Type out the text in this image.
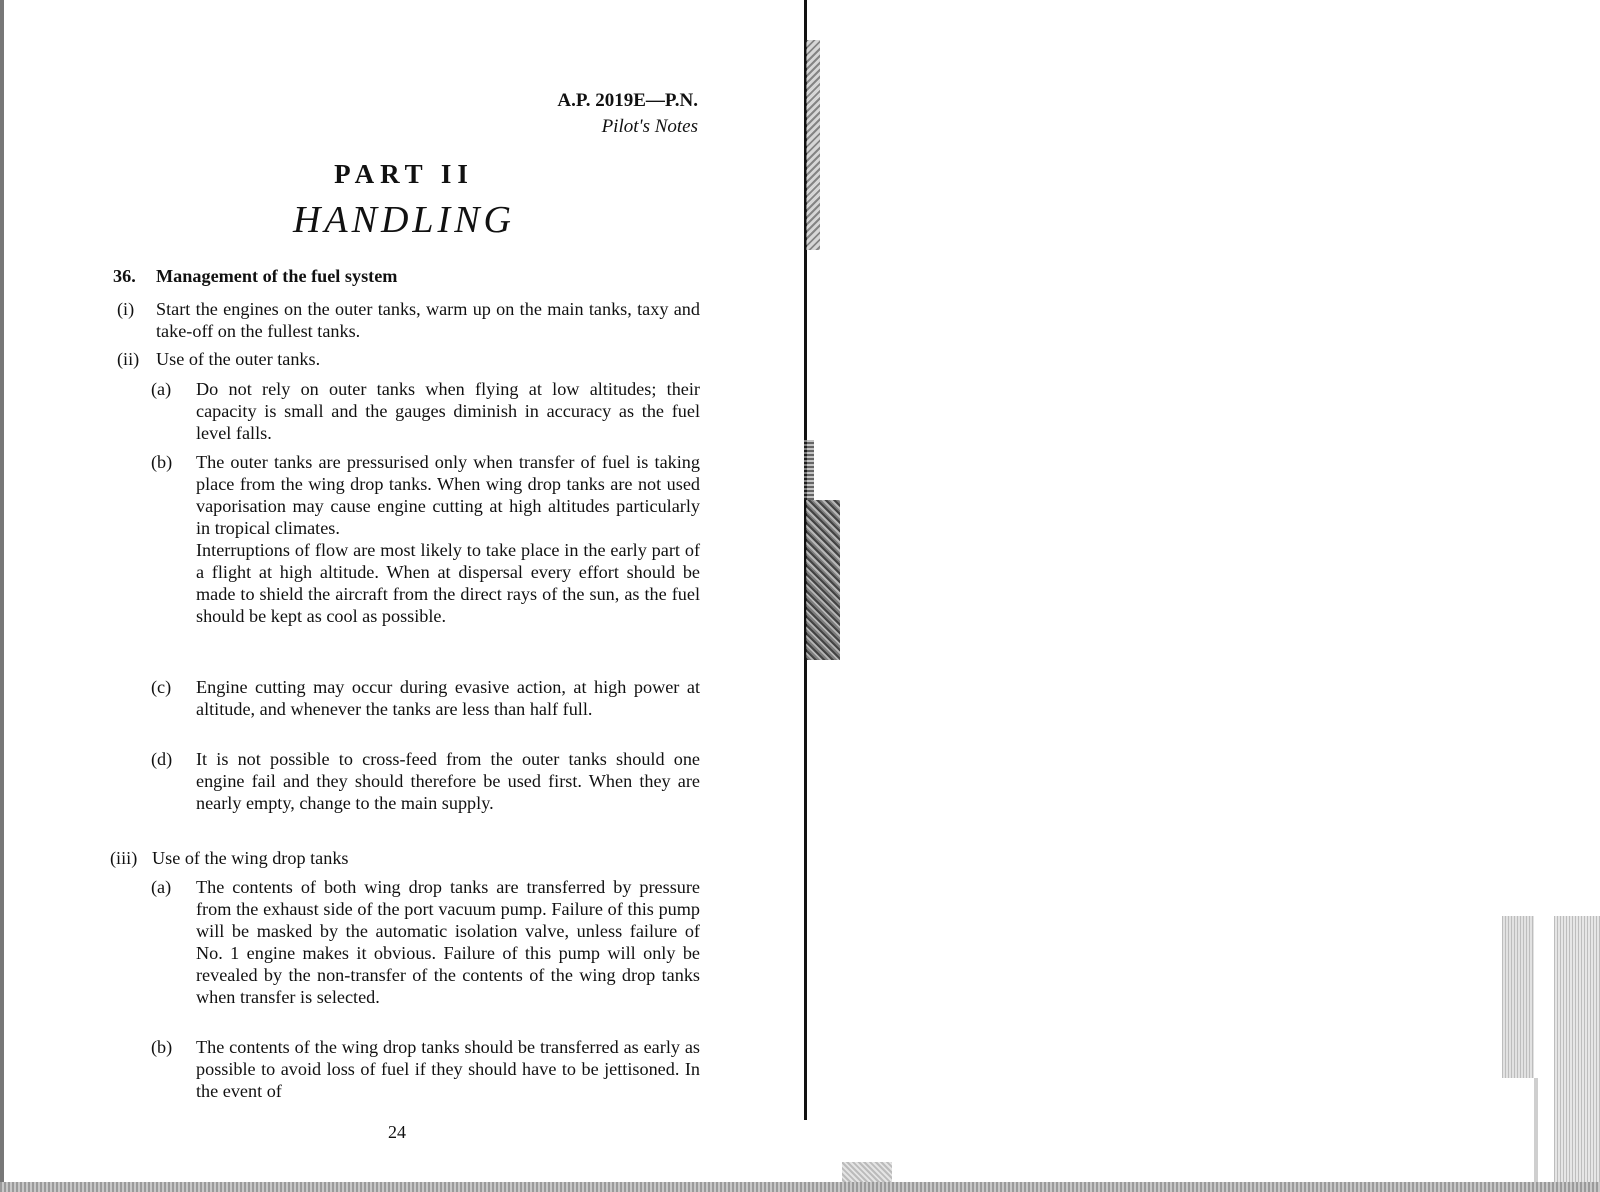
A.P. 2019E—P.N.
Pilot's Notes
PART II
HANDLING
36. Management of the fuel system
(i) Start the engines on the outer tanks, warm up on the main tanks, taxy and take-off on the fullest tanks.

(ii) Use of the outer tanks.

(a) Do not rely on outer tanks when flying at low altitudes; their capacity is small and the gauges diminish in accuracy as the fuel level falls.

(b) The outer tanks are pressurised only when transfer of fuel is taking place from the wing drop tanks. When wing drop tanks are not used vaporisation may cause engine cutting at high altitudes particularly in tropical climates.

Interruptions of flow are most likely to take place in the early part of a flight at high altitude. When at dispersal every effort should be made to shield the aircraft from the direct rays of the sun, as the fuel should be kept as cool as possible.

(c) Engine cutting may occur during evasive action, at high power at altitude, and whenever the tanks are less than half full.

(d) It is not possible to cross-feed from the outer tanks should one engine fail and they should therefore be used first. When they are nearly empty, change to the main supply.

(iii) Use of the wing drop tanks

(a) The contents of both wing drop tanks are transferred by pressure from the exhaust side of the port vacuum pump. Failure of this pump will be masked by the automatic isolation valve, unless failure of No. 1 engine makes it obvious. Failure of this pump will only be revealed by the non-transfer of the contents of the wing drop tanks when transfer is selected.

(b) The contents of the wing drop tanks should be transferred as early as possible to avoid loss of fuel if they should have to be jettisoned. In the event of

24
